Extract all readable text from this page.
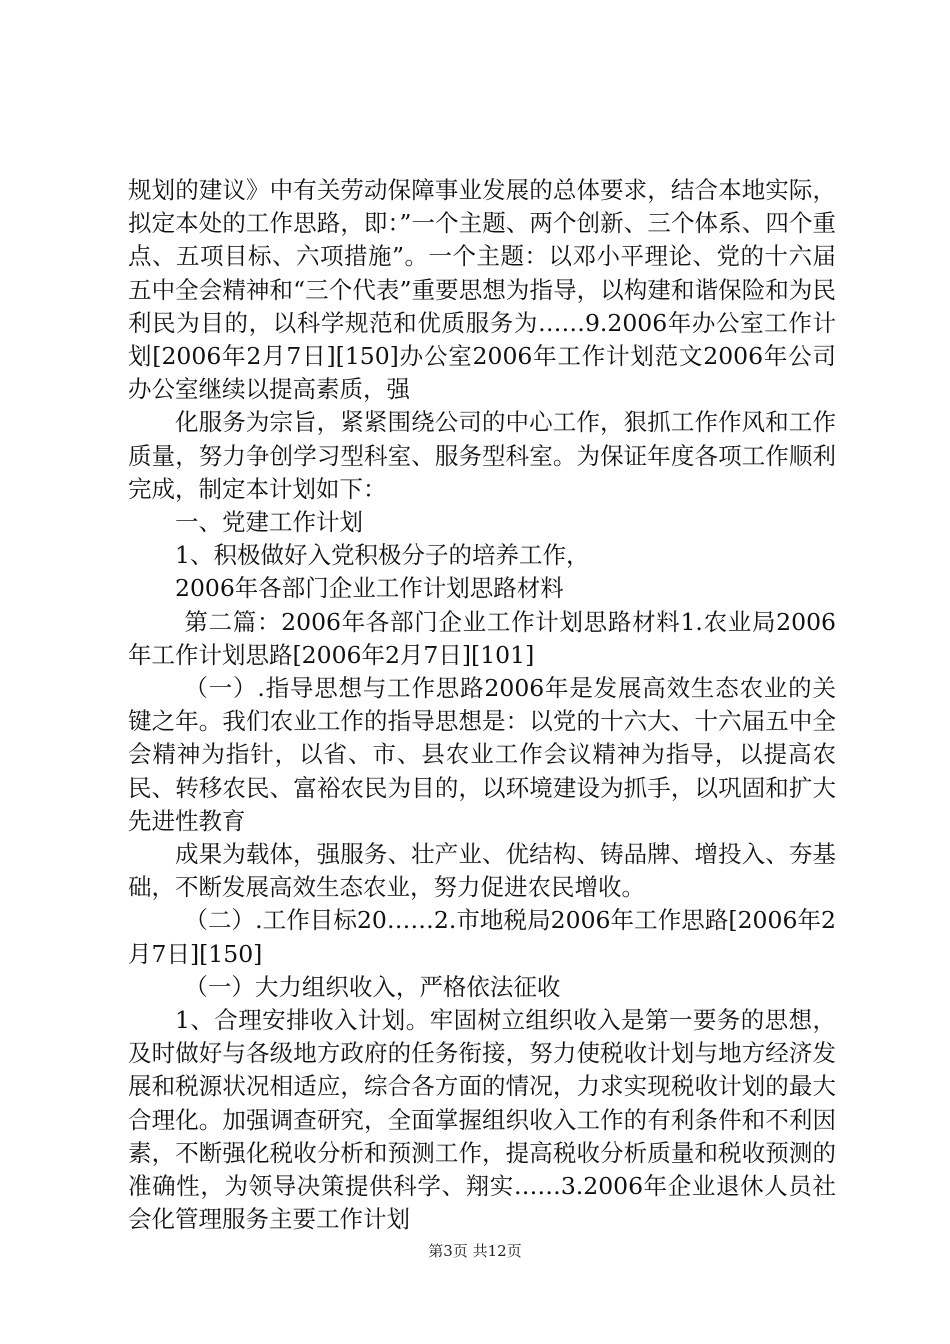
规划的建议》中有关劳动保障事业发展的总体要求，结合本地实际，拟定本处的工作思路，即：”一个主题、两个创新、三个体系、四个重点、五项目标、六项措施”。一个主题：以邓小平理论、党的十六届五中全会精神和“三个代表”重要思想为指导，以构建和谐保险和为民利民为目的，以科学规范和优质服务为……9.2006年办公室工作计划[2006年2月7日][150]办公室2006年工作计划范文2006年公司办公室继续以提高素质，强

化服务为宗旨，紧紧围绕公司的中心工作，狠抓工作作风和工作质量，努力争创学习型科室、服务型科室。为保证年度各项工作顺利完成，制定本计划如下：

一、党建工作计划

1、积极做好入党积极分子的培养工作，

2006年各部门企业工作计划思路材料

第二篇：2006年各部门企业工作计划思路材料1.农业局2006年工作计划思路[2006年2月7日][101]

（一）.指导思想与工作思路2006年是发展高效生态农业的关键之年。我们农业工作的指导思想是：以党的十六大、十六届五中全会精神为指针，以省、市、县农业工作会议精神为指导，以提高农民、转移农民、富裕农民为目的，以环境建设为抓手，以巩固和扩大先进性教育

成果为载体，强服务、壮产业、优结构、铸品牌、增投入、夯基础，不断发展高效生态农业，努力促进农民增收。

（二）.工作目标20……2.市地税局2006年工作思路[2006年2月7日][150]

（一）大力组织收入，严格依法征收

1、合理安排收入计划。牢固树立组织收入是第一要务的思想，及时做好与各级地方政府的任务衔接，努力使税收计划与地方经济发展和税源状况相适应，综合各方面的情况，力求实现税收计划的最大合理化。加强调查研究，全面掌握组织收入工作的有利条件和不利因素，不断强化税收分析和预测工作，提高税收分析质量和税收预测的准确性，为领导决策提供科学、翔实……3.2006年企业退休人员社会化管理服务主要工作计划

第3页 共12页
